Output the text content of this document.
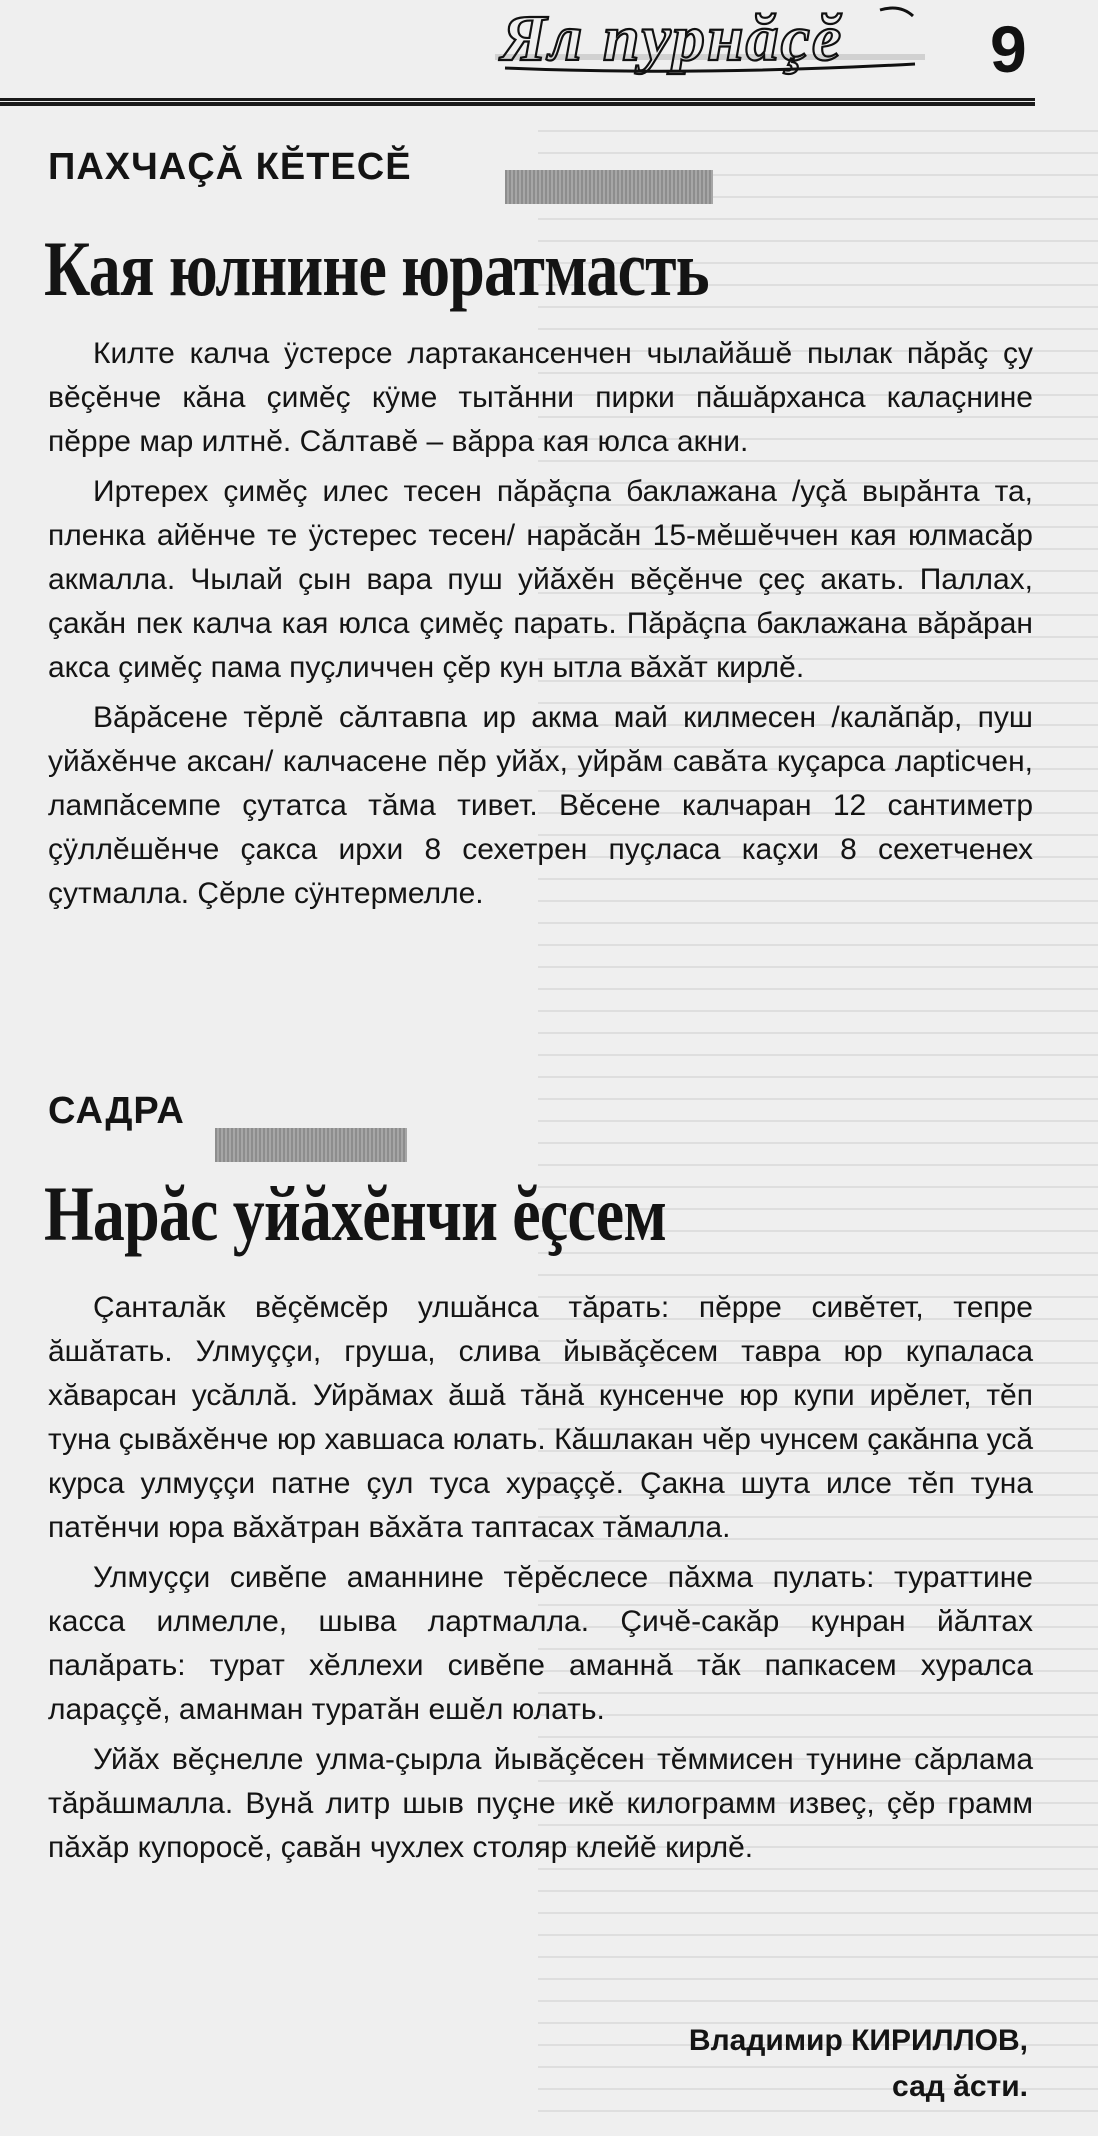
Ял пурнăçĕ 9
ПАХЧАÇĂ КĔТЕСĔ
Кая юлнине юратмасть

Килте калча ÿстерсе лартакансенчен чылайăшĕ пылак пăрăç çу вĕçĕнче кăна çимĕç кÿме тытăнни пирки пăшăрханса калаçнине пĕрре мар илтнĕ. Сăлтавĕ – вăрра кая юлса акни.

Иртерех çимĕç илес тесен пăрăçпа баклажана /уçă вырăнта та, пленка айĕнче те ÿстерес тесен/ нарăсăн 15-мĕшĕччен кая юлмасăр акмалла. Чылай çын вара пуш уйăхĕн вĕçĕнче çеç акать. Паллах, çакăн пек калча кая юлса çимĕç парать. Пăрăçпа баклажана вăрăран акса çимĕç пама пуçличчен çĕр кун ытла вăхăт кирлĕ.

Вăрăсене тĕрлĕ сăлтавпа ир акма май килмесен /калăпăр, пуш уйăхĕнче аксан/ калчасене пĕр уйăх, уйрăм савăта куçарса ларticчен, лампăсемпе çутатса тăма тивет. Вĕсене калчаран 12 сантиметр çÿллĕшĕнче çакса ирхи 8 сехетрен пуçласа каçхи 8 сехетченех çутмалла. Çĕрле сÿнтермелле.

САДРА
Нарăс уйăхĕнчи ĕçсем

Çанталăк вĕçĕмсĕр улшăнса тăрать: пĕрре сивĕтет, тепре ăшăтать. Улмуççи, груша, слива йывăçĕсем тавра юр купаласа хăварсан усăллă. Уйрăмах ăшă тăнă кунсенче юр купи ирĕлет, тĕп туна çывăхĕнче юр хавшаса юлать. Кăшлакан чĕр чунсем çакăнпа усă курса улмуççи патне çул туса хураççĕ. Çакна шута илсе тĕп туна патĕнчи юра вăхăтран вăхăта таптасах тăмалла.

Улмуççи сивĕпе аманнине тĕрĕслесе пăхма пулать: тураттине касса илмелле, шыва лартмалла. Çичĕ-сакăр кунран йăлтах палăрать: турат хĕллехи сивĕпе аманнă тăк папкасем хуралса лараççĕ, аманман туратăн ешĕл юлать.

Уйăх вĕçнелле улма-çырла йывăçĕсен тĕммисен тунине сăрлама тăрăшмалла. Вунă литр шыв пуçне икĕ килограмм извеç, çĕр грамм пăхăр купоросĕ, çавăн чухлех столяр клейĕ кирлĕ.

Владимир КИРИЛЛОВ,
сад ăсти.
